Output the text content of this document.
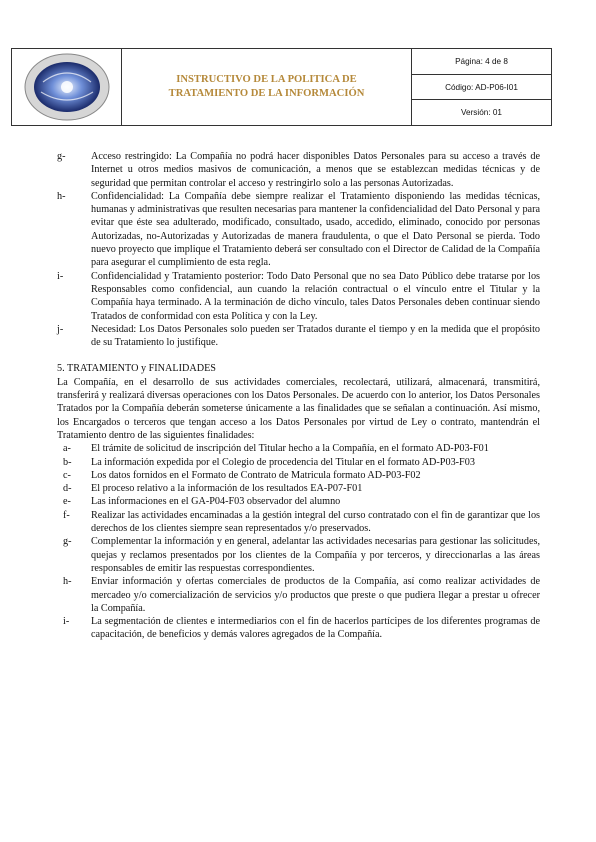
INSTRUCTIVO DE LA POLITICA DE
TRATAMIENTO DE LA INFORMACIÓN
Página: 4 de 8
Código: AD-P06-I01
Versión: 01
g-	Acceso restringido: La Compañía no podrá hacer disponibles Datos Personales para su acceso a través de Internet u otros medios masivos de comunicación, a menos que se establezcan medidas técnicas y de seguridad que permitan controlar el acceso y restringirlo solo a las personas Autorizadas.
h-	Confidencialidad: La Compañía debe siempre realizar el Tratamiento disponiendo las medidas técnicas, humanas y administrativas que resulten necesarias para mantener la confidencialidad del Dato Personal y para evitar que éste sea adulterado, modificado, consultado, usado, accedido, eliminado, conocido por personas Autorizadas, no-Autorizadas y Autorizadas de manera fraudulenta, o que el Dato Personal se pierda. Todo nuevo proyecto que implique el Tratamiento deberá ser consultado con el Director de Calidad de la Compañía para asegurar el cumplimiento de esta regla.
i-	Confidencialidad y Tratamiento posterior: Todo Dato Personal que no sea Dato Público debe tratarse por los Responsables como confidencial, aun cuando la relación contractual o el vínculo entre el Titular y la Compañía haya terminado. A la terminación de dicho vínculo, tales Datos Personales deben continuar siendo Tratados de conformidad con esta Política y con la Ley.
j-	Necesidad: Los Datos Personales solo pueden ser Tratados durante el tiempo y en la medida que el propósito de su Tratamiento lo justifique.
5. TRATAMIENTO y FINALIDADES
La Compañía, en el desarrollo de sus actividades comerciales, recolectará, utilizará, almacenará, transmitirá, transferirá y realizará diversas operaciones con los Datos Personales. De acuerdo con lo anterior, los Datos Personales Tratados por la Compañía deberán someterse únicamente a las finalidades que se señalan a continuación. Así mismo, los Encargados o terceros que tengan acceso a los Datos Personales por virtud de Ley o contrato, mantendrán el Tratamiento dentro de las siguientes finalidades:
a-	El trámite de solicitud de inscripción del Titular hecho a la Compañía, en el formato AD-P03-F01
b-	La información expedida por el Colegio de procedencia del Titular en el formato AD-P03-F03
c-	Los datos fornidos en el Formato de Contrato de Matricula formato AD-P03-F02
d-	El proceso relativo a la información de los resultados EA-P07-F01
e-	Las informaciones en el GA-P04-F03 observador del alumno
f-	Realizar las actividades encaminadas a la gestión integral del curso contratado con el fin de garantizar que los derechos de los clientes siempre sean representados y/o preservados.
g-	Complementar la información y en general, adelantar las actividades necesarias para gestionar las solicitudes, quejas y reclamos presentados por los clientes de la Compañía y por terceros, y direccionarlas a las áreas responsables de emitir las respuestas correspondientes.
h-	Enviar información y ofertas comerciales de productos de la Compañía, así como realizar actividades de mercadeo y/o comercialización de servicios y/o productos que preste o que pudiera llegar a prestar u ofrecer la Compañía.
i-	La segmentación de clientes e intermediarios con el fin de hacerlos partícipes de los diferentes programas de capacitación, de beneficios y demás valores agregados de la Compañía.
